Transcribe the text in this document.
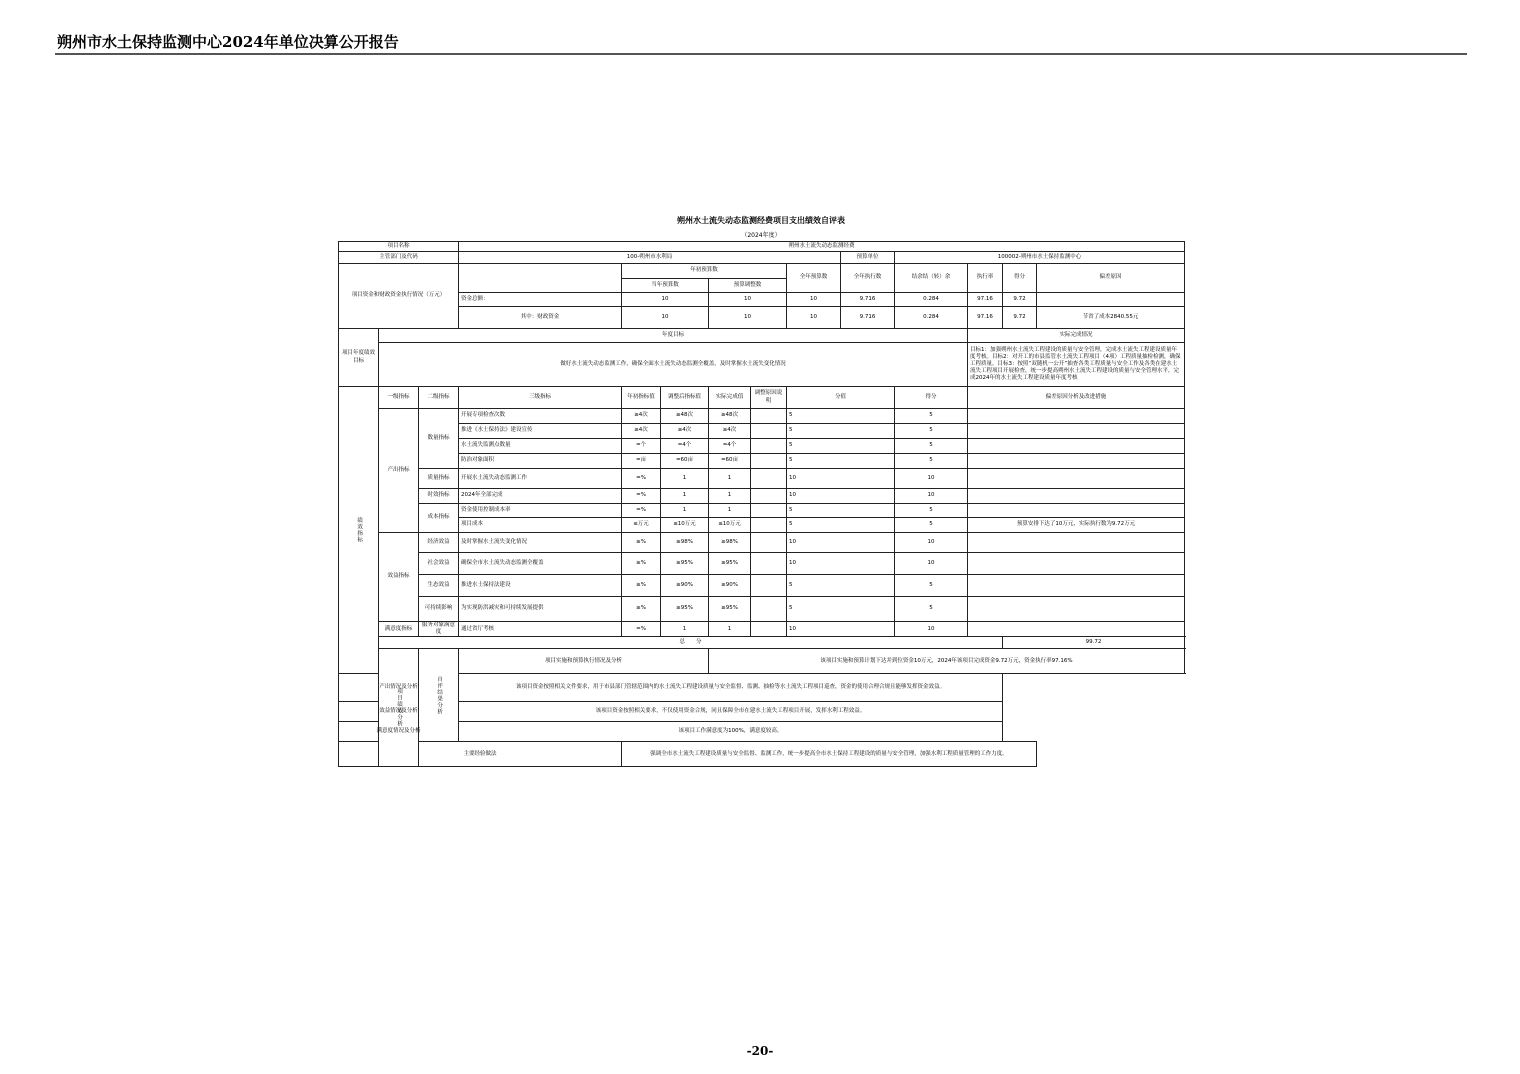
朔州市水土保持监测中心2024年单位决算公开报告
朔州水土流失动态监测经费项目支出绩效自评表
（2024年度）
项目名称			朔州水土流失动态监测经费											
主管部门及代码			100-朔州市水利局						预算单位	100002-朔州市水土保持监测中心				
项目资金和财政资金执行情况（万元）				年初预算数				全年预算数	全年执行数	结余结（转）余	执行率	得分	偏差原因	
				当年预算数		预算调整数								
			资金总额：	10		10		10	9.716	0.284	97.16	9.72		
			其中：财政资金	10		10		10	9.716	0.284	97.16	9.72	节省了成本2840.55元	
项目年度绩效目标	年度目标										实际完成情况			
	做好水土流失动态监测工作，确保全面水土流失动态监测全覆盖，及时掌握水土流失变化情况										目标1：加强朔州水土流失工程建设的质量与安全管理，完成水土流失工程建设质量年度考核。目标2：对开工的市县监管水土流失工程项目（4项）工程质量抽检检测，确保工程质量。目标3：按照“双随机一公开”抽查各类工程质量与安全工作及各类在建水土流失工程项目开展检查，统一步提高朔州水土流失工程建设的质量与安全管理水平，完成2024年的水土流失工程建设质量年度考核			
绩效指标	一级指标	二级指标	三级指标	年初指标值	调整后指标值	实际完成值	调整原因说明	分值		得分	偏差原因分析及改进措施			
	产出指标	数量指标	开展专项检查次数	≥4次	≥48次	≥48次		5		5				
			推进《水土保持法》建设宣传	≥4次	≥4次	≥4次		5		5				
			水土流失监测点数量	=个	=4个	=4个		5		5				
			防治对象面积	=亩	=60亩	=60亩		5		5				
		质量指标	开展水土流失动态监测工作	=%	1	1		10		10				
		时效指标	2024年全部完成	=%	1	1		10		10				
		成本指标	资金使用控制成本率	=%	1	1		5		5				
			项目成本	≤万元	≤10万元	≤10万元		5		5	预算安排下达了10万元，实际执行数为9.72万元			
	效益指标	经济效益	及时掌握水土流失变化情况	≥%	≥98%	≥98%		10		10				
		社会效益	确保全市水土流失动态监测全覆盖	≥%	≥95%	≥95%		10		10				
		生态效益	推进水土保持法建设	≥%	≥90%	≥90%		5		5				
		可持续影响	为实现防洪减灾和可持续发展提供	≥%	≥95%	≥95%		5		5				
	满意度指标	服务对象满意度	通过省厅考核	=%	1	1		10		10				
	总　　分											99.72	
	项目绩效分析	自评结果分析	项目实施和预算执行情况及分析			该项目实施和预算计划下达并到位资金10万元，2024年该项目完成资金9.72万元，资金执行率97.16%								
产出情况及分析			该项目资金按照相关文件要求，用于市县部门管辖范围内的水土流失工程建设质量与安全监督、监测、抽检等水土流失工程项目巡查，资金的使用合理合规且能够发挥资金效益。											
效益情况及分析			该项目资金按照相关要求，不仅使用资金合规，同且保障全市在建水土流失工程项目开展，发挥水利工程效益。											
满意度情况及分析			该项目工作满意度为100%，满意度较高。											
主要经验做法				强调全市水土流失工程建设质量与安全监督、监测工作，统一步提高全市水土保持工程建设的质量与安全管理，加强水利工程质量管理的工作力度。										
-20-
